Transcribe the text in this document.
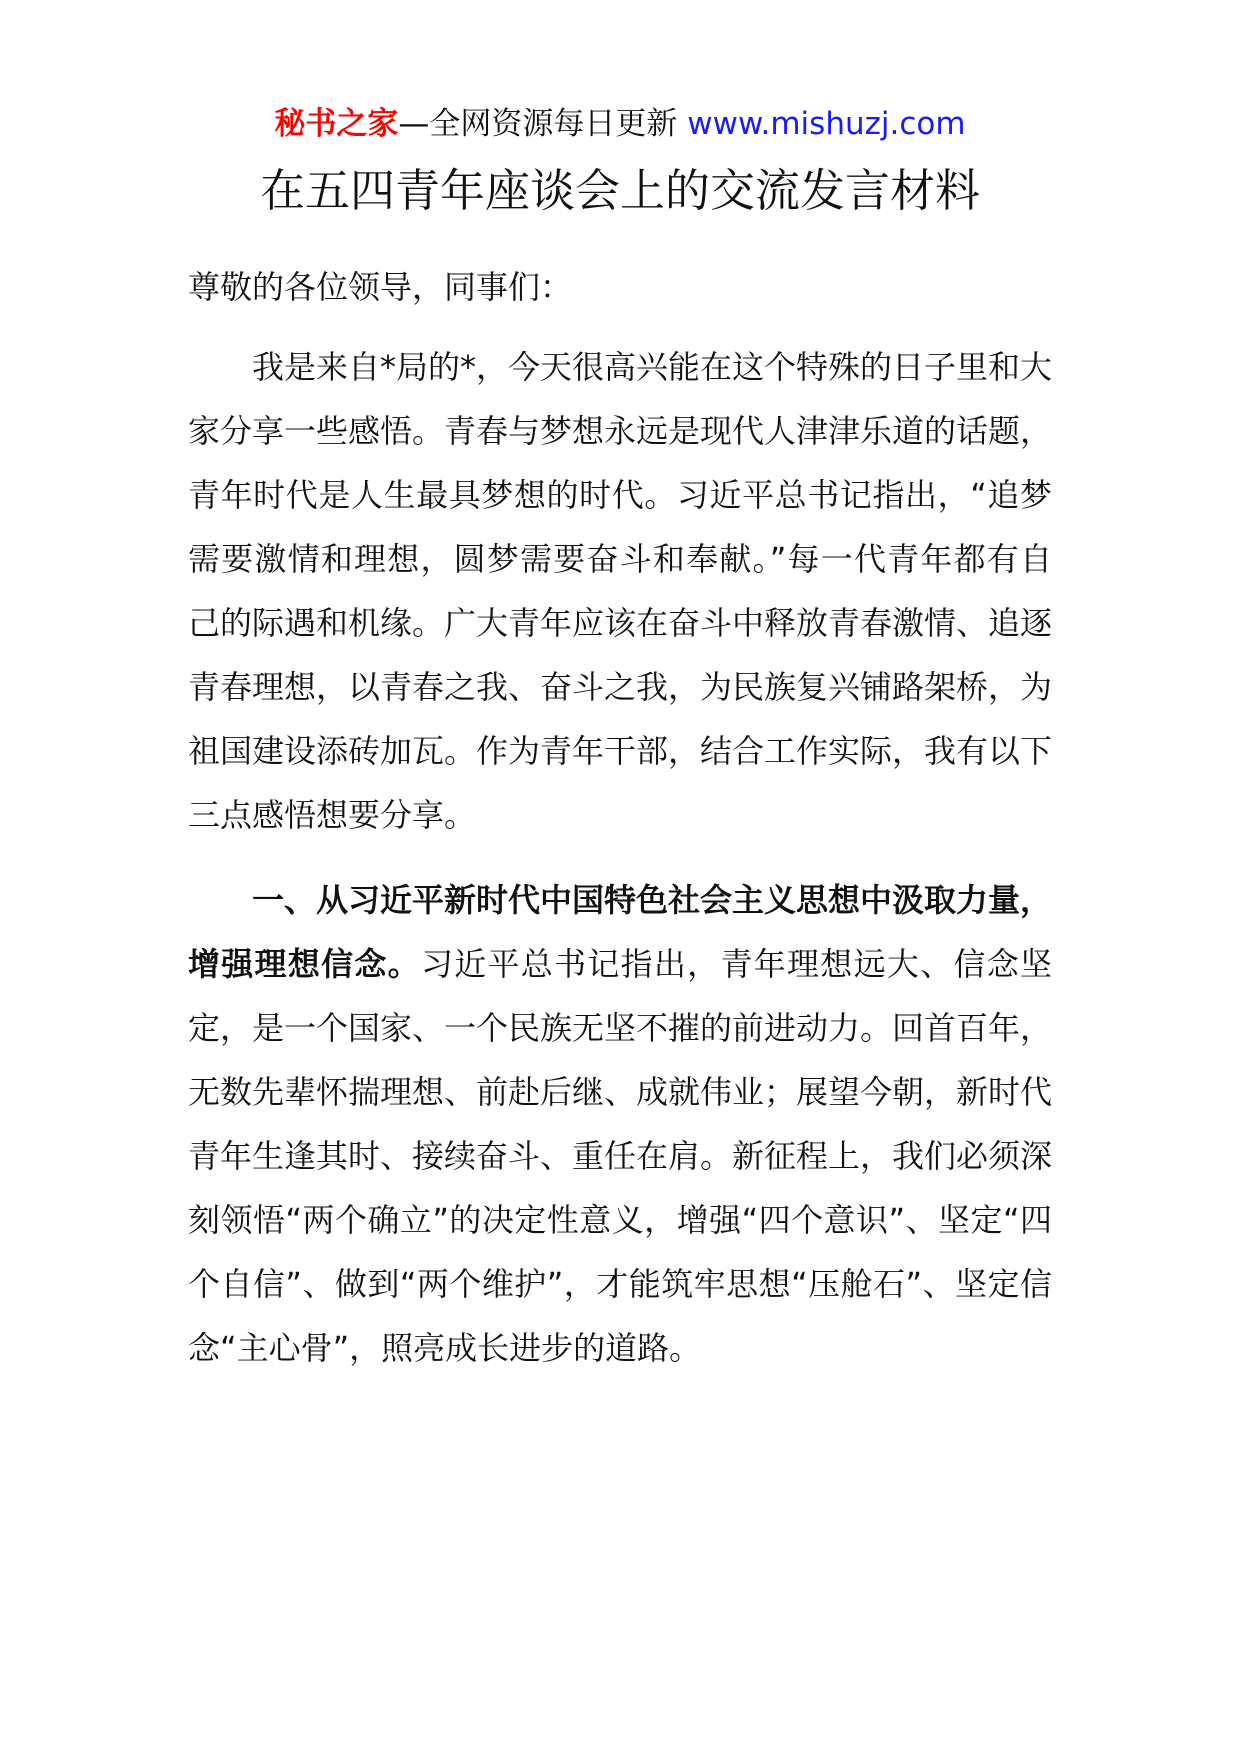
秘书之家—全网资源每日更新 www.mishuzj.com
在五四青年座谈会上的交流发言材料

尊敬的各位领导，同事们：

我是来自*局的*，今天很高兴能在这个特殊的日子里和大家分享一些感悟。青春与梦想永远是现代人津津乐道的话题，青年时代是人生最具梦想的时代。习近平总书记指出，“追梦需要激情和理想，圆梦需要奋斗和奉献。”每一代青年都有自己的际遇和机缘。广大青年应该在奋斗中释放青春激情、追逐青春理想，以青春之我、奋斗之我，为民族复兴铺路架桥，为祖国建设添砖加瓦。作为青年干部，结合工作实际，我有以下三点感悟想要分享。

一、从习近平新时代中国特色社会主义思想中汲取力量，增强理想信念。习近平总书记指出，青年理想远大、信念坚定，是一个国家、一个民族无坚不摧的前进动力。回首百年，无数先辈怀揣理想、前赴后继、成就伟业；展望今朝，新时代青年生逢其时、接续奋斗、重任在肩。新征程上，我们必须深刻领悟“两个确立”的决定性意义，增强“四个意识”、坚定“四个自信”、做到“两个维护”，才能筑牢思想“压舱石”、坚定信念“主心骨”，照亮成长进步的道路。
